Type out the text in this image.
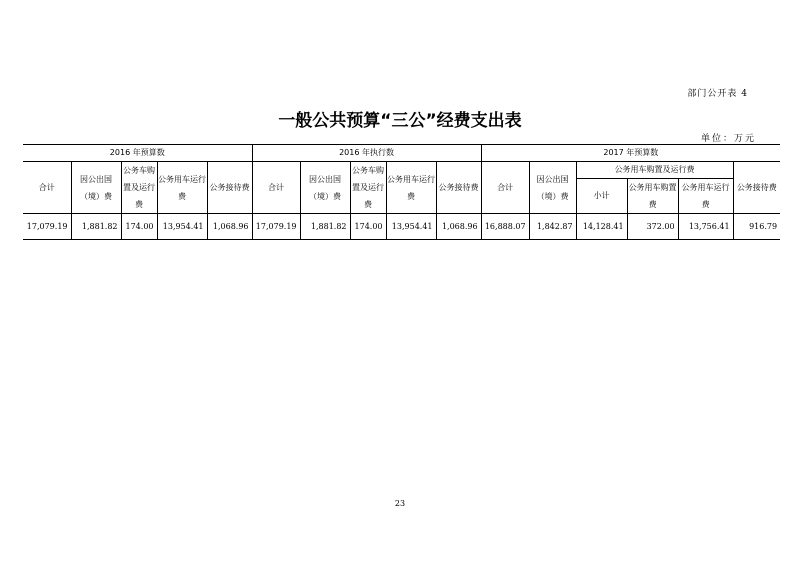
部门公开表 4
一般公共预算“三公”经费支出表
单位：万元
2016 年预算数					2016 年执行数					2017 年预算数					
合计	因公出国（境）费	公务车购置及运行费	公务用车运行费	公务接待费	合计	因公出国（境）费	公务车购置及运行费	公务用车运行费	公务接待费	合计	因公出国（境）费	公务用车购置及运行费			公务接待费
												小计	公务用车购置费	公务用车运行费	
17,079.19	1,881.82	174.00	13,954.41	1,068.96	17,079.19	1,881.82	174.00	13,954.41	1,068.96	16,888.07	1,842.87	14,128.41	372.00	13,756.41	916.79
23
